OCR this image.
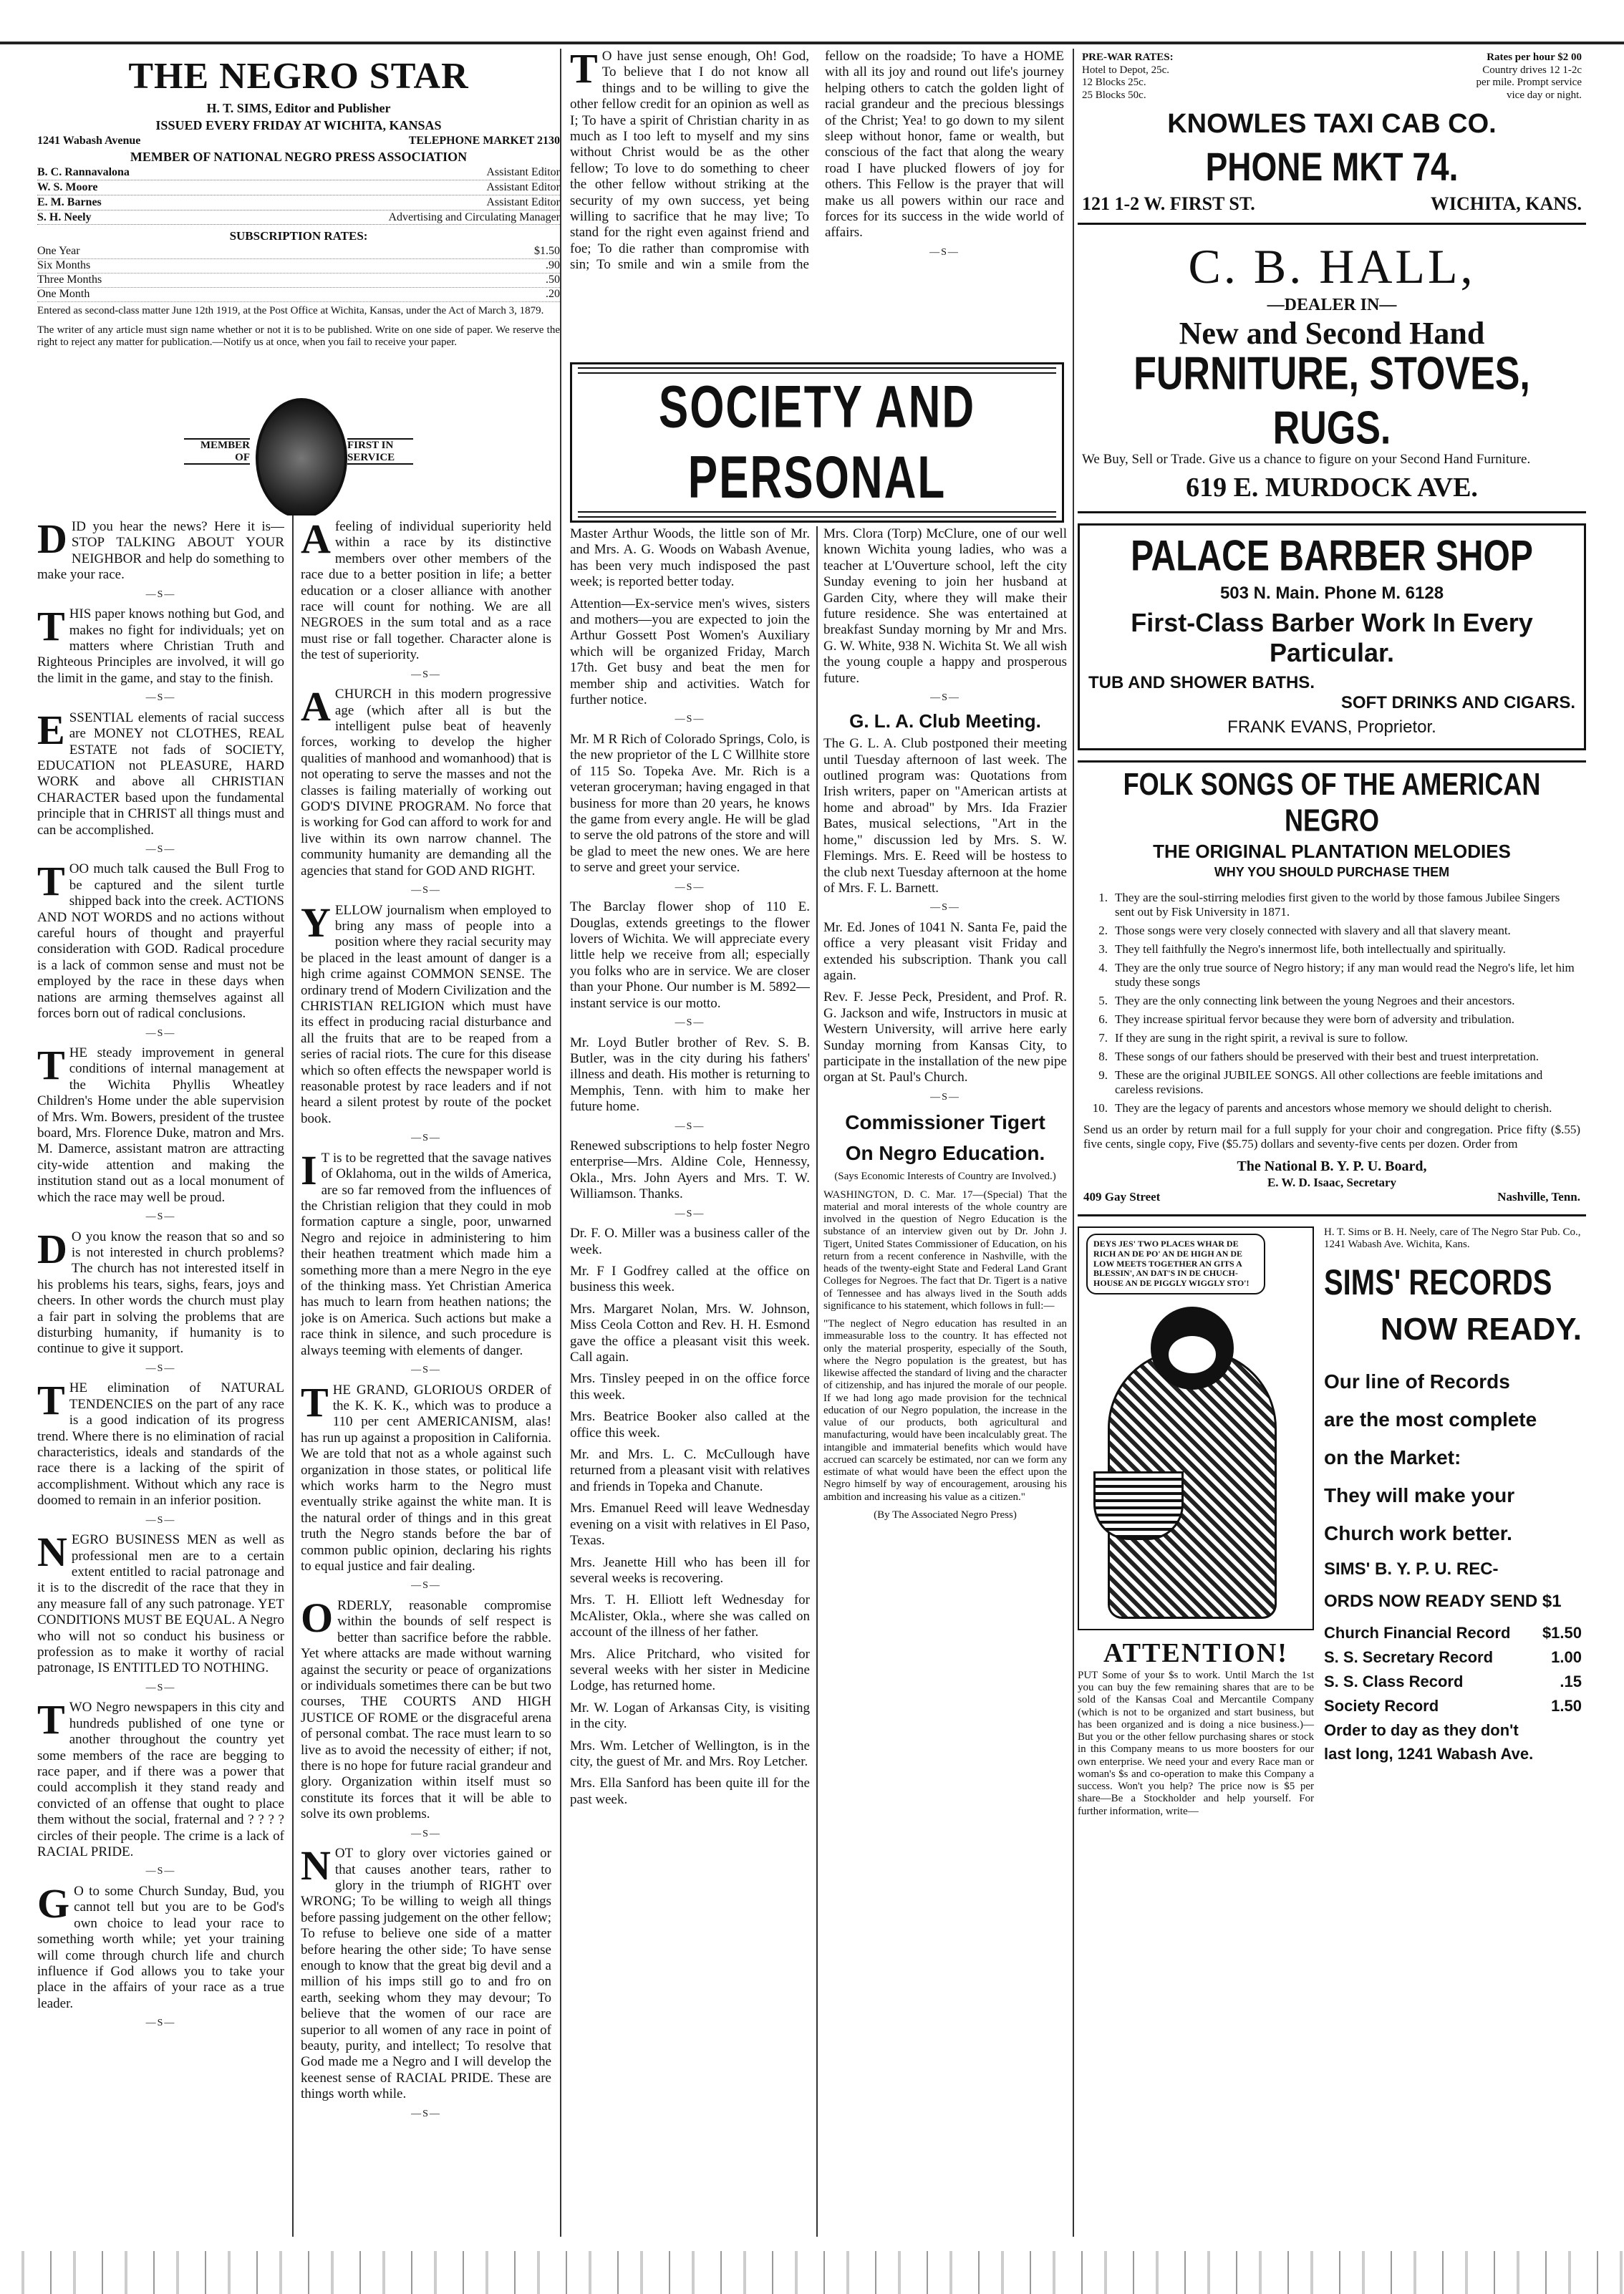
THE NEGRO STAR
H. T. SIMS, Editor and Publisher
ISSUED EVERY FRIDAY AT WICHITA, KANSAS
1241 Wabash Avenue	TELEPHONE MARKET 2130
MEMBER OF NATIONAL NEGRO PRESS ASSOCIATION
B. C. Rannavalona	Assistant Editor
W. S. Moore	Assistant Editor
E. M. Barnes	Assistant Editor
S. H. Neely	Advertising and Circulating Manager
SUBSCRIPTION RATES:
One Year	$1.50
Six Months	.90
Three Months	.50
One Month	.20

Entered as second-class matter June 12th 1919, at the Post Office at Wichita, Kansas, under the Act of March 3, 1879.

The writer of any article must sign name whether or not it is to be published. Write on one side of paper. We reserve the right to reject any matter for publication.—Notify us at once, when you fail to receive your paper.

MEMBER OF
FIRST IN SERVICE

DID you hear the news? Here it is—STOP TALKING ABOUT YOUR NEIGHBOR and help do something to make your race.

—S—

THIS paper knows nothing but God, and makes no fight for individuals; yet on matters where Christian Truth and Righteous Principles are involved, it will go the limit in the game, and stay to the finish.

—S—

ESSENTIAL elements of racial success are MONEY not CLOTHES, REAL ESTATE not fads of SOCIETY, EDUCATION not PLEASURE, HARD WORK and above all CHRISTIAN CHARACTER based upon the fundamental principle that in CHRIST all things must and can be accomplished.

—S—

TOO much talk caused the Bull Frog to be captured and the silent turtle shipped back into the creek. ACTIONS AND NOT WORDS and no actions without careful hours of thought and prayerful consideration with GOD. Radical procedure is a lack of common sense and must not be employed by the race in these days when nations are arming themselves against all forces born out of radical conclusions.

—S—

THE steady improvement in general conditions of internal management at the Wichita Phyllis Wheatley Children's Home under the able supervision of Mrs. Wm. Bowers, president of the trustee board, Mrs. Florence Duke, matron and Mrs. M. Damerce, assistant matron are attracting city-wide attention and making the institution stand out as a local monument of which the race may well be proud.

—S—

D O you know the reason that so and so is not interested in church problems? The church has not interested itself in his problems his tears, sighs, fears, joys and cheers. In other words the church must play a fair part in solving the problems that are disturbing humanity, if humanity is to continue to give it support.

—S—

THE elimination of NATURAL TENDENCIES on the part of any race is a good indication of its progress trend. Where there is no elimination of racial characteristics, ideals and standards of the race there is a lacking of the spirit of accomplishment. Without which any race is doomed to remain in an inferior position.

—S—

NEGRO BUSINESS MEN as well as professional men are to a certain extent entitled to racial patronage and it is to the discredit of the race that they in any measure fall of any such patronage. YET CONDITIONS MUST BE EQUAL. A Negro who will not so conduct his business or profession as to make it worthy of racial patronage, IS ENTITLED TO NOTHING.

—S—

TWO Negro newspapers in this city and hundreds published of one tyne or another throughout the country yet some members of the race are begging to race paper, and if there was a power that could accomplish it they stand ready and convicted of an offense that ought to place them without the social, fraternal and ? ? ? ? circles of their people. The crime is a lack of RACIAL PRIDE.

—S—

G O to some Church Sunday, Bud, you cannot tell but you are to be God's own choice to lead your race to something worth while; yet your training will come through church life and church influence if God allows you to take your place in the affairs of your race as a true leader.

—S—

Afeeling of individual superiority held within a race by its distinctive members over other members of the race due to a better position in life; a better education or a closer alliance with another race will count for nothing. We are all NEGROES in the sum total and as a race must rise or fall together. Character alone is the test of superiority.

—S—

ACHURCH in this modern progressive age (which after all is but the intelligent pulse beat of heavenly forces, working to develop the higher qualities of manhood and womanhood) that is not operating to serve the masses and not the classes is failing materially of working out GOD'S DIVINE PROGRAM. No force that is working for God can afford to work for and live within its own narrow channel. The community humanity are demanding all the agencies that stand for GOD AND RIGHT.

—S—

YELLOW journalism when employed to bring any mass of people into a position where they racial security may be placed in the least amount of danger is a high crime against COMMON SENSE. The ordinary trend of Modern Civilization and the CHRISTIAN RELIGION which must have its effect in producing racial disturbance and all the fruits that are to be reaped from a series of racial riots. The cure for this disease which so often effects the newspaper world is reasonable protest by race leaders and if not heard a silent protest by route of the pocket book.

—S—

I T is to be regretted that the savage natives of Oklahoma, out in the wilds of America, are so far removed from the influences of the Christian religion that they could in mob formation capture a single, poor, unwarned Negro and rejoice in administering to him their heathen treatment which made him a something more than a mere Negro in the eye of the thinking mass. Yet Christian America has much to learn from heathen nations; the joke is on America. Such actions but make a race think in silence, and such procedure is always teeming with elements of danger.

—S—

THE GRAND, GLORIOUS ORDER of the K. K. K., which was to produce a 110 per cent AMERICANISM, alas! has run up against a proposition in California. We are told that not as a whole against such organization in those states, or political life which works harm to the Negro must eventually strike against the white man. It is the natural order of things and in this great truth the Negro stands before the bar of common public opinion, declaring his rights to equal justice and fair dealing.

—S—

ORDERLY, reasonable compromise within the bounds of self respect is better than sacrifice before the rabble. Yet where attacks are made without warning against the security or peace of organizations or individuals sometimes there can be but two courses, THE COURTS AND HIGH JUSTICE OF ROME or the disgraceful arena of personal combat. The race must learn to so live as to avoid the necessity of either; if not, there is no hope for future racial grandeur and glory. Organization within itself must so constitute its forces that it will be able to solve its own problems.

—S—

NOT to glory over victories gained or that causes another tears, rather to glory in the triumph of RIGHT over WRONG; To be willing to weigh all things before passing judgement on the other fellow; To refuse to believe one side of a matter before hearing the other side; To have sense enough to know that the great big devil and a million of his imps still go to and fro on earth, seeking whom they may devour; To believe that the women of our race are superior to all women of any race in point of beauty, purity, and intellect; To resolve that God made me a Negro and I will develop the keenest sense of RACIAL PRIDE. These are things worth while.

—S—

T O have just sense enough, Oh! God, To believe that I do not know all things and to be willing to give the other fellow credit for an opinion as well as I; To have a spirit of Christian charity in as much as I too left to myself and my sins without Christ would be as the other fellow; To love to do something to cheer the other fellow without striking at the security of my own success, yet being willing to sacrifice that he may live; To stand for the right even against friend and foe; To die rather than compromise with sin; To smile and win a smile from the fellow on the roadside; To have a HOME with all its joy and round out life's journey helping others to catch the golden light of racial grandeur and the precious blessings of the Christ; Yea! to go down to my silent sleep without honor, fame or wealth, but conscious of the fact that along the weary road I have plucked flowers of joy for others. This Fellow is the prayer that will make us all powers within our race and forces for its success in the wide world of affairs.

—S—
SOCIETY AND PERSONAL

Master Arthur Woods, the little son of Mr. and Mrs. A. G. Woods on Wabash Avenue, has been very much indisposed the past week; is reported better today.

Attention—Ex-service men's wives, sisters and mothers—you are expected to join the Arthur Gossett Post Women's Auxiliary which will be organized Friday, March 17th. Get busy and beat the men for member ship and activities. Watch for further notice.

—S—

Mr. M R Rich of Colorado Springs, Colo, is the new proprietor of the L C Willhite store of 115 So. Topeka Ave. Mr. Rich is a veteran groceryman; having engaged in that business for more than 20 years, he knows the game from every angle. He will be glad to serve the old patrons of the store and will be glad to meet the new ones. We are here to serve and greet your service.

—S—

The Barclay flower shop of 110 E. Douglas, extends greetings to the flower lovers of Wichita. We will appreciate every little help we receive from all; especially you folks who are in service. We are closer than your Phone. Our number is M. 5892—instant service is our motto.

—S—

Mr. Loyd Butler brother of Rev. S. B. Butler, was in the city during his fathers' illness and death. His mother is returning to Memphis, Tenn. with him to make her future home.

—S—

Renewed subscriptions to help foster Negro enterprise—Mrs. Aldine Cole, Hennessy, Okla., Mrs. John Ayers and Mrs. T. W. Williamson. Thanks.

—S—

Dr. F. O. Miller was a business caller of the week.

Mr. F I Godfrey called at the office on business this week.

Mrs. Margaret Nolan, Mrs. W. Johnson, Miss Ceola Cotton and Rev. H. H. Esmond gave the office a pleasant visit this week. Call again.

Mrs. Tinsley peeped in on the office force this week.

Mrs. Beatrice Booker also called at the office this week.

Mr. and Mrs. L. C. McCullough have returned from a pleasant visit with relatives and friends in Topeka and Chanute.

Mrs. Emanuel Reed will leave Wednesday evening on a visit with relatives in El Paso, Texas.

Mrs. Jeanette Hill who has been ill for several weeks is recovering.

Mrs. T. H. Elliott left Wednesday for McAlister, Okla., where she was called on account of the illness of her father.

Mrs. Alice Pritchard, who visited for several weeks with her sister in Medicine Lodge, has returned home.

Mr. W. Logan of Arkansas City, is visiting in the city.

Mrs. Wm. Letcher of Wellington, is in the city, the guest of Mr. and Mrs. Roy Letcher.

Mrs. Ella Sanford has been quite ill for the past week.

Mrs. Clora (Torp) McClure, one of our well known Wichita young ladies, who was a teacher at L'Ouverture school, left the city Sunday evening to join her husband at Garden City, where they will make their future residence. She was entertained at breakfast Sunday morning by Mr and Mrs. G. W. White, 938 N. Wichita St. We all wish the young couple a happy and prosperous future.

—S—
G. L. A. Club Meeting.

The G. L. A. Club postponed their meeting until Tuesday afternoon of last week. The outlined program was: Quotations from Irish writers, paper on "American artists at home and abroad" by Mrs. Ida Frazier Bates, musical selections, "Art in the home," discussion led by Mrs. S. W. Flemings. Mrs. E. Reed will be hostess to the club next Tuesday afternoon at the home of Mrs. F. L. Barnett.

—S—

Mr. Ed. Jones of 1041 N. Santa Fe, paid the office a very pleasant visit Friday and extended his subscription. Thank you call again.

Rev. F. Jesse Peck, President, and Prof. R. G. Jackson and wife, Instructors in music at Western University, will arrive here early Sunday morning from Kansas City, to participate in the installation of the new pipe organ at St. Paul's Church.

—S—
Commissioner Tigert
On Negro Education.

(Says Economic Interests of Country are Involved.)

WASHINGTON, D. C. Mar. 17—(Special) That the material and moral interests of the whole country are involved in the question of Negro Education is the substance of an interview given out by Dr. John J. Tigert, United States Commissioner of Education, on his return from a recent conference in Nashville, with the heads of the twenty-eight State and Federal Land Grant Colleges for Negroes. The fact that Dr. Tigert is a native of Tennessee and has always lived in the South adds significance to his statement, which follows in full:—

"The neglect of Negro education has resulted in an immeasurable loss to the country. It has effected not only the material prosperity, especially of the South, where the Negro population is the greatest, but has likewise affected the standard of living and the character of citizenship, and has injured the morale of our people. If we had long ago made provision for the technical education of our Negro population, the increase in the value of our products, both agricultural and manufacturing, would have been incalculably great. The intangible and immaterial benefits which would have accrued can scarcely be estimated, nor can we form any estimate of what would have been the effect upon the Negro himself by way of encouragement, arousing his ambition and increasing his value as a citizen."

(By The Associated Negro Press)

PRE-WAR RATES:
Hotel to Depot, 25c.
12 Blocks 25c.
25 Blocks 50c.
Rates per hour $2 00
Country drives 12 1-2c
per mile. Prompt service
vice day or night.
KNOWLES TAXI CAB CO.
PHONE MKT 74.
121 1-2 W. FIRST ST.	WICHITA, KANS.
C. B. HALL,
—DEALER IN—
New and Second Hand
FURNITURE, STOVES, RUGS.
We Buy, Sell or Trade. Give us a chance to figure on your Second Hand Furniture.
619 E. MURDOCK AVE.
PALACE BARBER SHOP
503 N. Main. Phone M. 6128
First-Class Barber Work In Every Particular.
TUB AND SHOWER BATHS.
SOFT DRINKS AND CIGARS.
FRANK EVANS, Proprietor.
FOLK SONGS OF THE AMERICAN NEGRO
THE ORIGINAL PLANTATION MELODIES
WHY YOU SHOULD PURCHASE THEM
1. They are the soul-stirring melodies first given to the world by those famous Jubilee Singers sent out by Fisk University in 1871.
2. Those songs were very closely connected with slavery and all that slavery meant.
3. They tell faithfully the Negro's innermost life, both intellectually and spiritually.
4. They are the only true source of Negro history; if any man would read the Negro's life, let him study these songs
5. They are the only connecting link between the young Negroes and their ancestors.
6. They increase spiritual fervor because they were born of adversity and tribulation.
7. If they are sung in the right spirit, a revival is sure to follow.
8. These songs of our fathers should be preserved with their best and truest interpretation.
9. These are the original JUBILEE SONGS. All other collections are feeble imitations and careless revisions.
10. They are the legacy of parents and ancestors whose memory we should delight to cherish.

Send us an order by return mail for a full supply for your choir and congregation. Price fifty ($.55) five cents, single copy, Five ($5.75) dollars and seventy-five cents per dozen. Order from

The National B. Y. P. U. Board,
E. W. D. Isaac, Secretary
409 Gay Street	Nashville, Tenn.
DEYS JES' TWO PLACES WHAR DE RICH AN DE PO' AN DE HIGH AN DE LOW MEETS TOGETHER AN GITS A BLESSIN', AN DAT'S IN DE CHUCH-HOUSE AN DE PIGGLY WIGGLY STO'!
ATTENTION!

PUT Some of your $s to work. Until March the 1st you can buy the few remaining shares that are to be sold of the Kansas Coal and Mercantile Company (which is not to be organized and start business, but has been organized and is doing a nice business.)—But you or the other fellow purchasing shares or stock in this Company means to us more boosters for our own enterprise. We need your and every Race man or woman's $s and co-operation to make this Company a success. Won't you help? The price now is $5 per share—Be a Stockholder and help yourself. For further information, write—

H. T. Sims or B. H. Neely, care of The Negro Star Pub. Co., 1241 Wabash Ave. Wichita, Kans.

SIMS' RECORDS
NOW READY.
Our line of Records
are the most complete
on the Market:
They will make your
Church work better.
SIMS' B. Y. P. U. REC-
ORDS NOW READY SEND $1
Church Financial Record $1.50
S. S. Secretary Record	1.00
S. S. Class Record	.15
Society Record	1.50
Order to day as they don't
last long, 1241 Wabash Ave.
